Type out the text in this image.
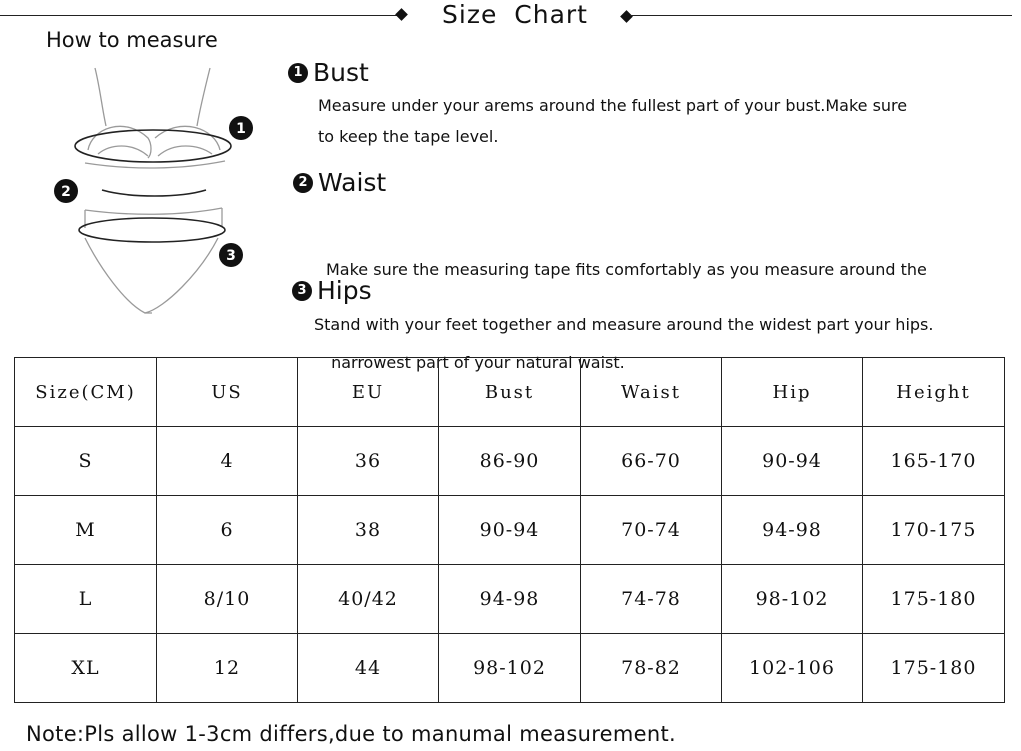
Size Chart
How to measure
1
2
3
1 Bust
Measure under your arems around the fullest part of your bust.Make sure
to keep the tape level.
2 Waist

Make sure the measuring tape fits comfortably as you measure around the

narrowest part of your natural waist.

3 Hips
Stand with your feet together and measure around the widest part your hips.
Size(CM)	US	EU	Bust	Waist	Hip	Height
S	4	36	86-90	66-70	90-94	165-170
M	6	38	90-94	70-74	94-98	170-175
L	8/10	40/42	94-98	74-78	98-102	175-180
XL	12	44	98-102	78-82	102-106	175-180
Note:Pls allow 1-3cm differs,due to manumal measurement.
